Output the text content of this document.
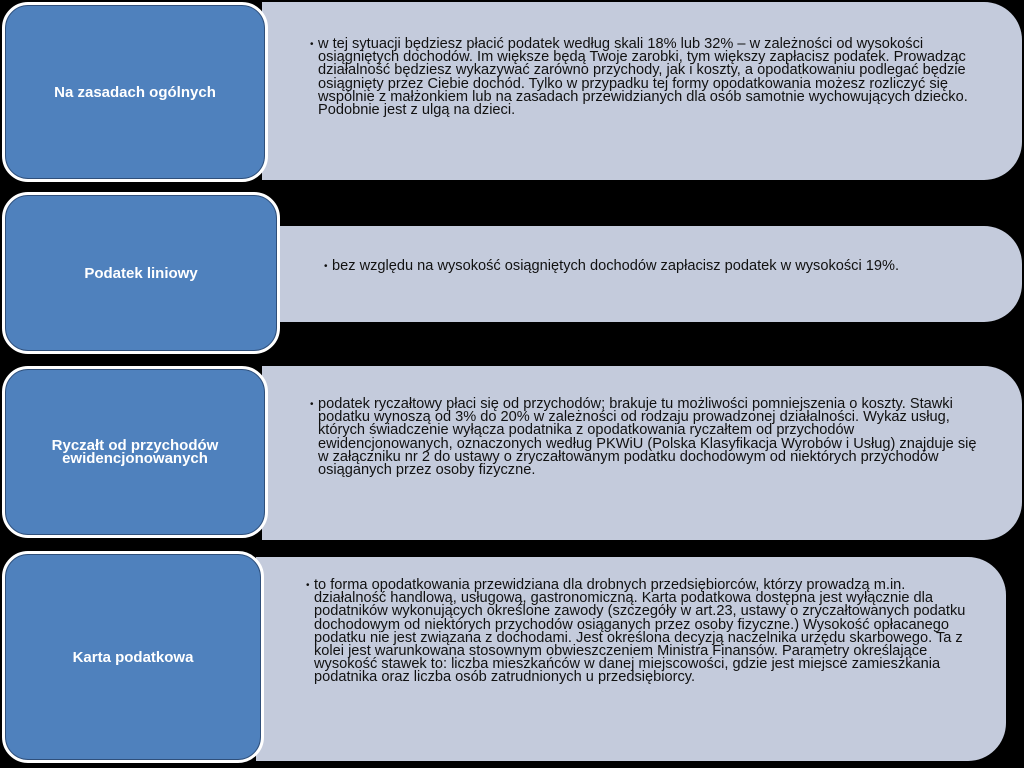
Na zasadach ogólnych
• w tej sytuacji będziesz płacić podatek według skali 18% lub 32% – w zależności od wysokości osiągniętych dochodów. Im większe będą Twoje zarobki, tym większy zapłacisz podatek. Prowadząc działalność będziesz wykazywać zarówno przychody, jak i koszty, a opodatkowaniu podlegać będzie osiągnięty przez Ciebie dochód. Tylko w przypadku tej formy opodatkowania możesz rozliczyć się wspólnie z małżonkiem lub na zasadach przewidzianych dla osób samotnie wychowujących dziecko. Podobnie jest z ulgą na dzieci.
Podatek liniowy	• bez względu na wysokość osiągniętych dochodów zapłacisz podatek w wysokości 19%.
Ryczałt od przychodów ewidencjonowanych
• podatek ryczałtowy płaci się od przychodów; brakuje tu możliwości pomniejszenia o koszty. Stawki podatku wynoszą od 3% do 20% w zależności od rodzaju prowadzonej działalności. Wykaz usług, których świadczenie wyłącza podatnika z opodatkowania ryczałtem od przychodów ewidencjonowanych, oznaczonych według PKWiU (Polska Klasyfikacja Wyrobów i Usług) znajduje się w załączniku nr 2 do ustawy o zryczałtowanym podatku dochodowym od niektórych przychodów osiąganych przez osoby fizyczne.
Karta podatkowa
• to forma opodatkowania przewidziana dla drobnych przedsiębiorców, którzy prowadzą m.in. działalność handlową, usługową, gastronomiczną. Karta podatkowa dostępna jest wyłącznie dla podatników wykonujących określone zawody (szczegóły w art.23, ustawy o zryczałtowanych podatku dochodowym od niektórych przychodów osiąganych przez osoby fizyczne.) Wysokość opłacanego podatku nie jest związana z dochodami. Jest określona decyzją naczelnika urzędu skarbowego. Ta z kolei jest warunkowana stosownym obwieszczeniem Ministra Finansów. Parametry określające wysokość stawek to: liczba mieszkańców w danej miejscowości, gdzie jest miejsce zamieszkania podatnika oraz liczba osób zatrudnionych u przedsiębiorcy.
